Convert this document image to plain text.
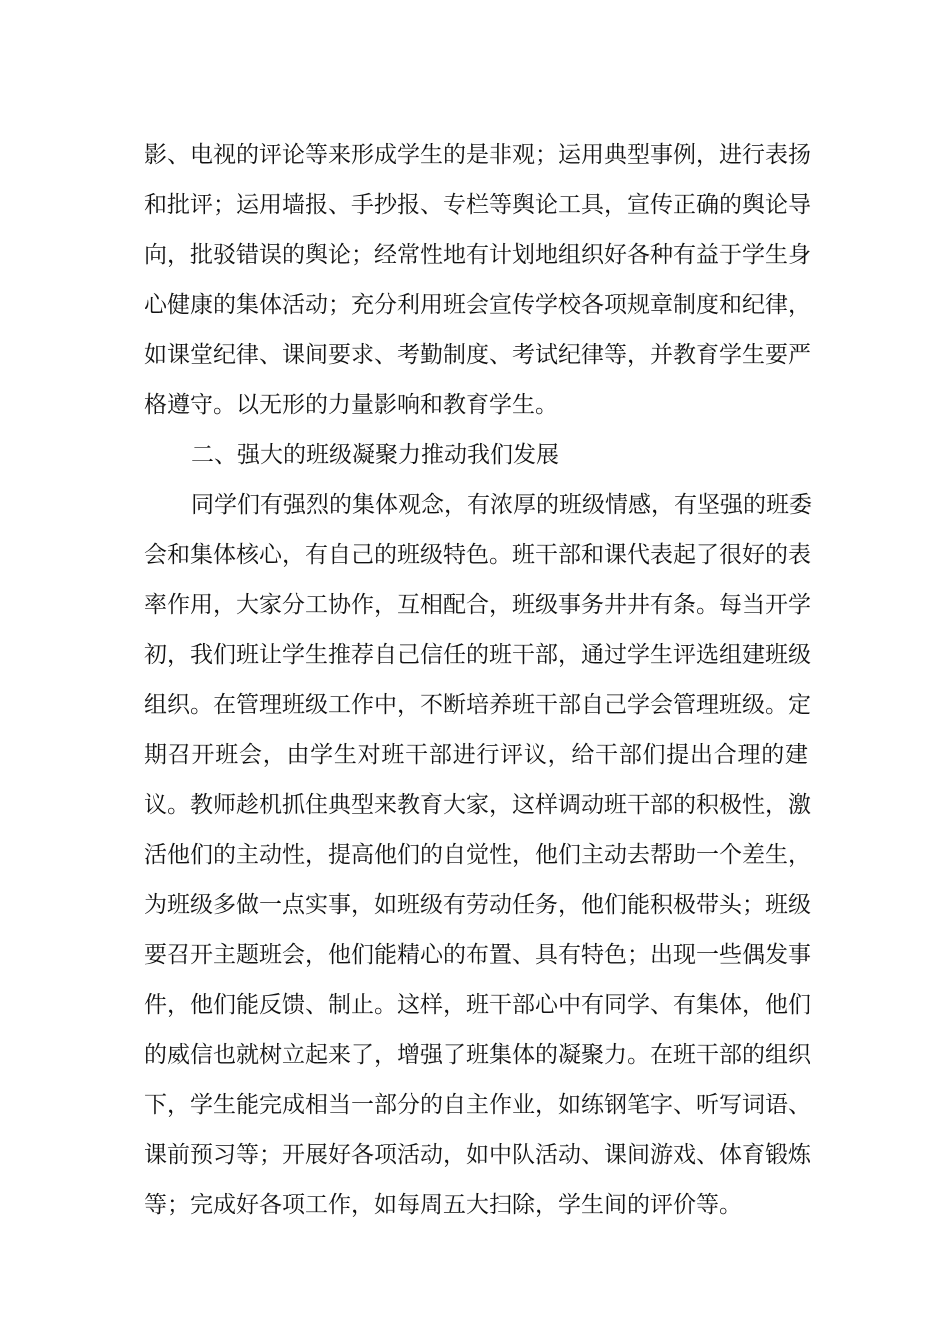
影、电视的评论等来形成学生的是非观；运用典型事例，进行表扬
和批评；运用墙报、手抄报、专栏等舆论工具，宣传正确的舆论导
向，批驳错误的舆论；经常性地有计划地组织好各种有益于学生身
心健康的集体活动；充分利用班会宣传学校各项规章制度和纪律，
如课堂纪律、课间要求、考勤制度、考试纪律等，并教育学生要严
格遵守。以无形的力量影响和教育学生。
二、强大的班级凝聚力推动我们发展
同学们有强烈的集体观念，有浓厚的班级情感，有坚强的班委
会和集体核心，有自己的班级特色。班干部和课代表起了很好的表
率作用，大家分工协作，互相配合，班级事务井井有条。每当开学
初，我们班让学生推荐自己信任的班干部，通过学生评选组建班级
组织。在管理班级工作中，不断培养班干部自己学会管理班级。定
期召开班会，由学生对班干部进行评议，给干部们提出合理的建
议。教师趁机抓住典型来教育大家，这样调动班干部的积极性，激
活他们的主动性，提高他们的自觉性，他们主动去帮助一个差生，
为班级多做一点实事，如班级有劳动任务，他们能积极带头；班级
要召开主题班会，他们能精心的布置、具有特色；出现一些偶发事
件，他们能反馈、制止。这样，班干部心中有同学、有集体，他们
的威信也就树立起来了，增强了班集体的凝聚力。在班干部的组织
下，学生能完成相当一部分的自主作业，如练钢笔字、听写词语、
课前预习等；开展好各项活动，如中队活动、课间游戏、体育锻炼
等；完成好各项工作，如每周五大扫除，学生间的评价等。
